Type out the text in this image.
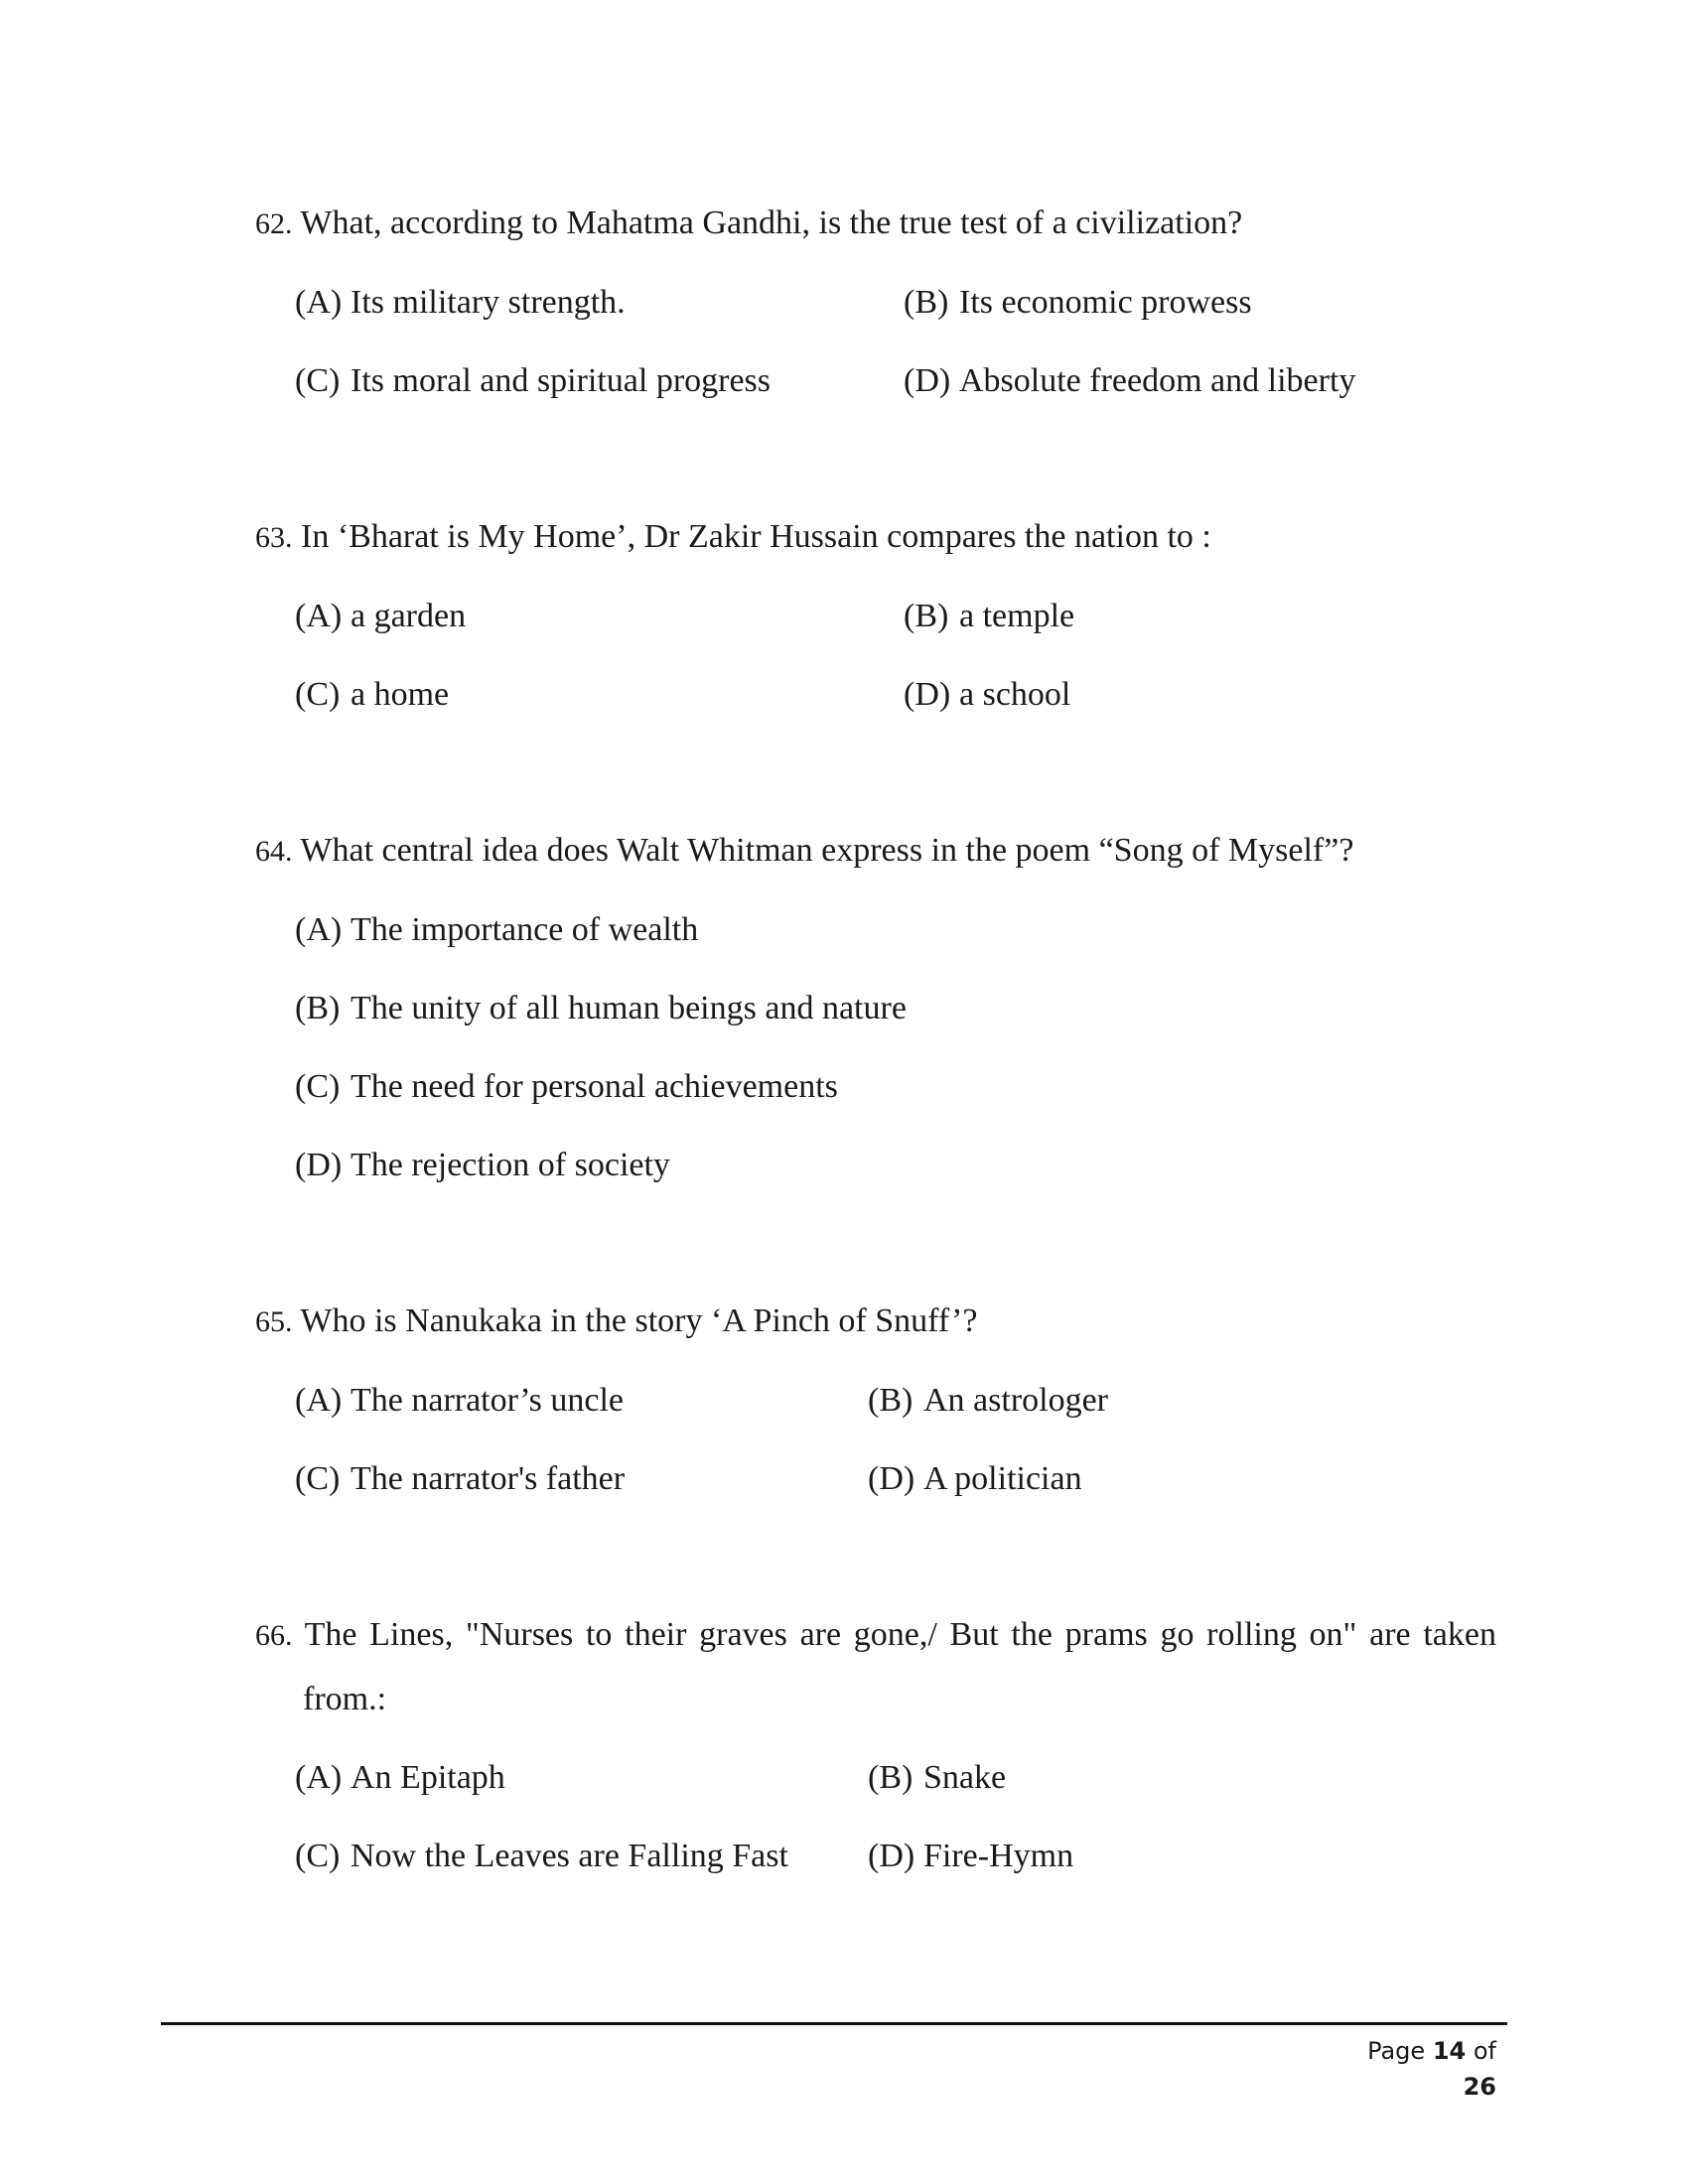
62. What, according to Mahatma Gandhi, is the true test of a civilization?
(A) Its military strength.	(B) Its economic prowess
(C) Its moral and spiritual progress	(D) Absolute freedom and liberty
63. In ‘Bharat is My Home’, Dr Zakir Hussain compares the nation to :
(A) a garden	(B) a temple
(C) a home	(D) a school
64. What central idea does Walt Whitman express in the poem “Song of Myself”?
(A) The importance of wealth
(B) The unity of all human beings and nature
(C) The need for personal achievements
(D) The rejection of society
65. Who is Nanukaka in the story ‘A Pinch of Snuff’?
(A) The narrator’s uncle	(B) An astrologer
(C) The narrator's father	(D) A politician
66. The Lines, "Nurses to their graves are gone,/ But the prams go rolling on" are taken from.:
(A) An Epitaph	(B) Snake
(C) Now the Leaves are Falling Fast (D) Fire-Hymn
Page 14 of 26
